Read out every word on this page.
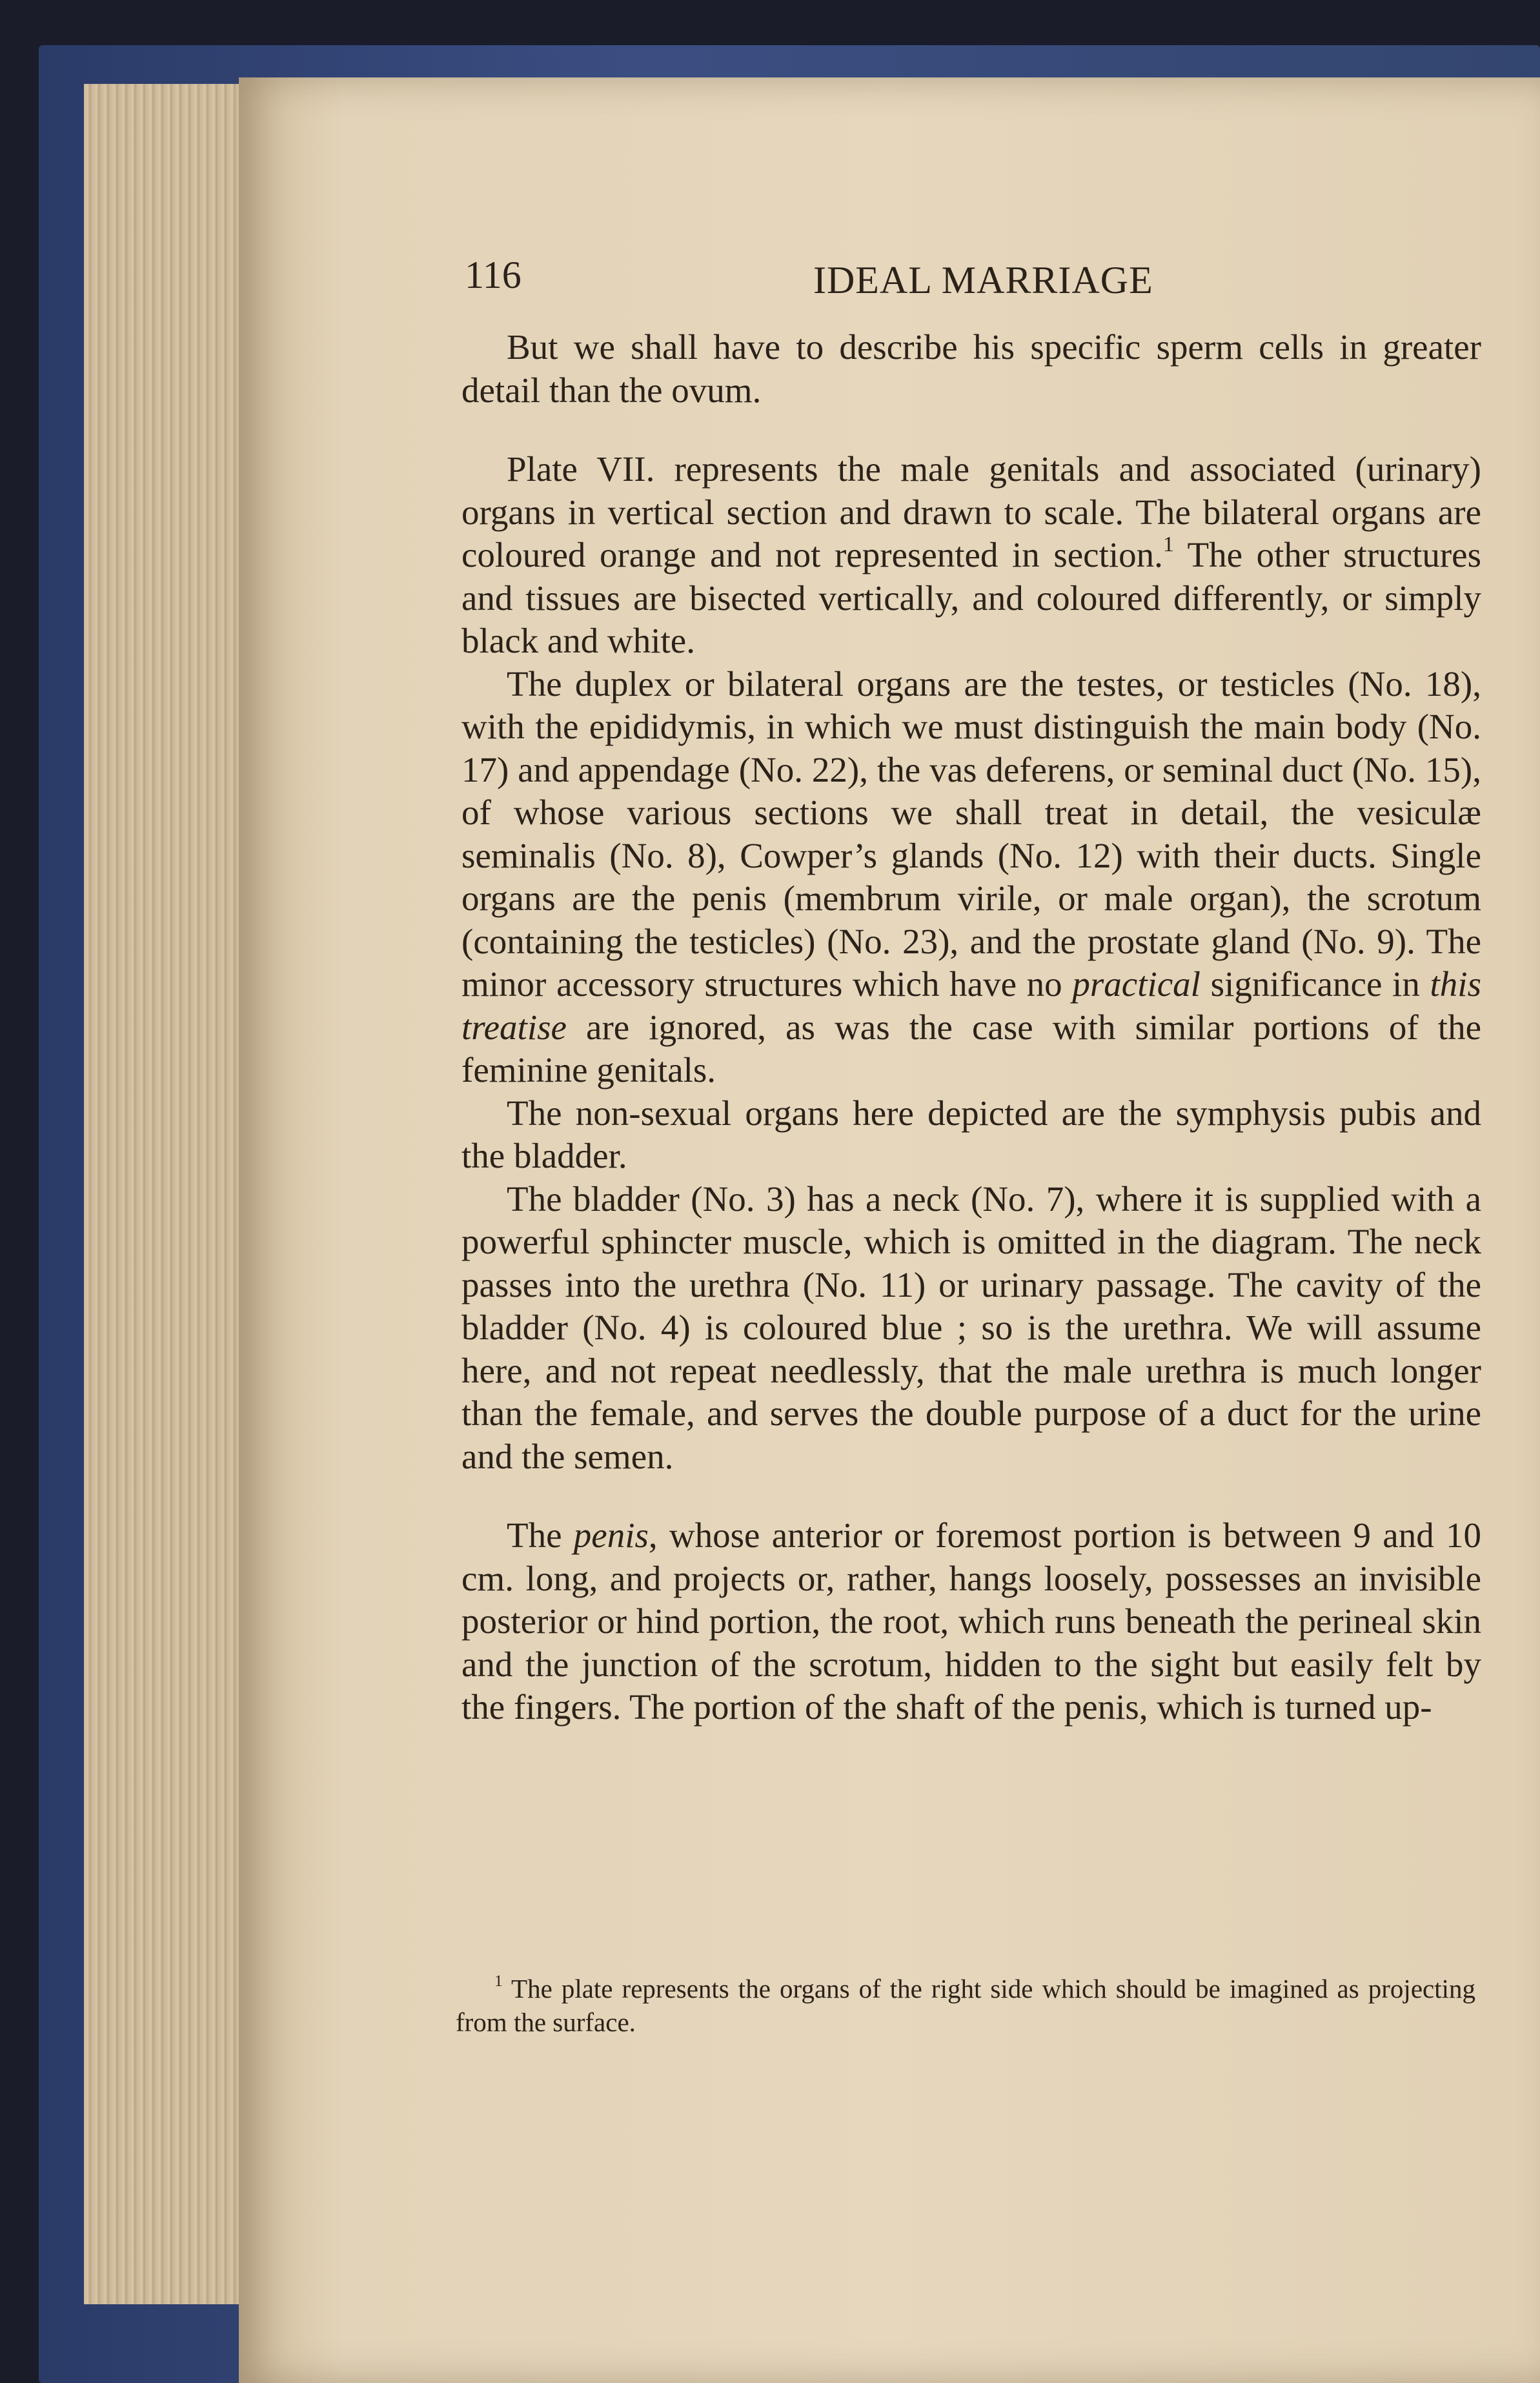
116	IDEAL MARRIAGE

But we shall have to describe his specific sperm cells in greater detail than the ovum.

Plate VII. represents the male genitals and associated (urinary) organs in vertical section and drawn to scale. The bilateral organs are coloured orange and not represented in section.$^1$ The other structures and tissues are bisected vertically, and coloured differently, or simply black and white.

The duplex or bilateral organs are the testes, or testicles (No. 18), with the epididymis, in which we must distinguish the main body (No. 17) and appendage (No. 22), the vas deferens, or seminal duct (No. 15), of whose various sections we shall treat in detail, the vesiculæ seminalis (No. 8), Cowper’s glands (No. 12) with their ducts. Single organs are the penis (membrum virile, or male organ), the scrotum (containing the testicles) (No. 23), and the prostate gland (No. 9). The minor accessory structures which have no practical significance in this treatise are ignored, as was the case with similar portions of the feminine genitals.

The non-sexual organs here depicted are the symphysis pubis and the bladder.

The bladder (No. 3) has a neck (No. 7), where it is supplied with a powerful sphincter muscle, which is omitted in the diagram. The neck passes into the urethra (No. 11) or urinary passage. The cavity of the bladder (No. 4) is coloured blue ; so is the urethra. We will assume here, and not repeat needlessly, that the male urethra is much longer than the female, and serves the double purpose of a duct for the urine and the semen.

The penis, whose anterior or foremost portion is between 9 and 10 cm. long, and projects or, rather, hangs loosely, possesses an invisible posterior or hind portion, the root, which runs beneath the perineal skin and the junction of the scrotum, hidden to the sight but easily felt by the fingers. The portion of the shaft of the penis, which is turned up-

$^1$ The plate represents the organs of the right side which should be imagined as projecting from the surface.
